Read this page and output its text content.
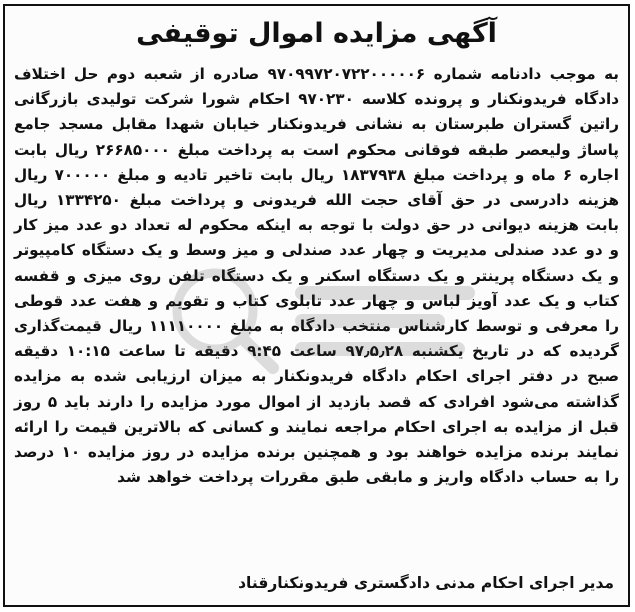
آگهی مزایده اموال توقیفی
به موجب دادنامه شماره ۹۷۰۹۹۷۲۰۷۲۲۰۰۰۰۰۶ صادره از شعبه دوم حل اختلاف دادگاه فریدونکنار و پرونده کلاسه ۹۷۰۲۳۰ احکام شورا شرکت تولیدی بازرگانی راتین گستران طبرستان به نشانی فریدونکنار خیابان شهدا مقابل مسجد جامع پاساژ ولیعصر طبقه فوقانی محکوم است به پرداخت مبلغ ۲۶۶۸۵۰۰۰ ریال بابت اجاره ۶ ماه و پرداخت مبلغ ۱۸۳۷۹۳۸ ریال بابت تاخیر تادیه و مبلغ ۷۰۰۰۰۰ ریال هزینه دادرسی در حق آقای حجت الله فریدونی و پرداخت مبلغ ۱۳۳۴۲۵۰ ریال بابت هزینه دیوانی در حق دولت با توجه به اینکه محکوم له تعداد دو عدد میز کار و دو عدد صندلی مدیریت و چهار عدد صندلی و میز وسط و یک دستگاه کامپیوتر و یک دستگاه پرینتر و یک دستگاه اسکنر و یک دستگاه تلفن روی میزی و قفسه کتاب و یک عدد آویز لباس و چهار عدد تابلوی کتاب و تقویم و هفت عدد قوطی را معرفی و توسط کارشناس منتخب دادگاه به مبلغ ۱۱۱۱۰۰۰۰ ریال قیمت‌گذاری گردیده که در تاریخ یکشنبه ۹۷٫۵٫۲۸ ساعت ۹:۴۵ دقیقه تا ساعت ۱۰:۱۵ دقیقه صبح در دفتر اجرای احکام دادگاه فریدونکنار به میزان ارزیابی شده به مزایده گذاشته می‌شود افرادی که قصد بازدید از اموال مورد مزایده را دارند باید ۵ روز قبل از مزایده به اجرای احکام مراجعه نمایند و کسانی که بالاترین قیمت را ارائه نمایند برنده مزایده خواهند بود و همچنین برنده مزایده در روز مزایده ۱۰ درصد را به حساب دادگاه واریز و مابقی طبق مقررات پرداخت خواهد شد
مدیر اجرای احکام مدنی دادگستری فریدونکنارقناد
